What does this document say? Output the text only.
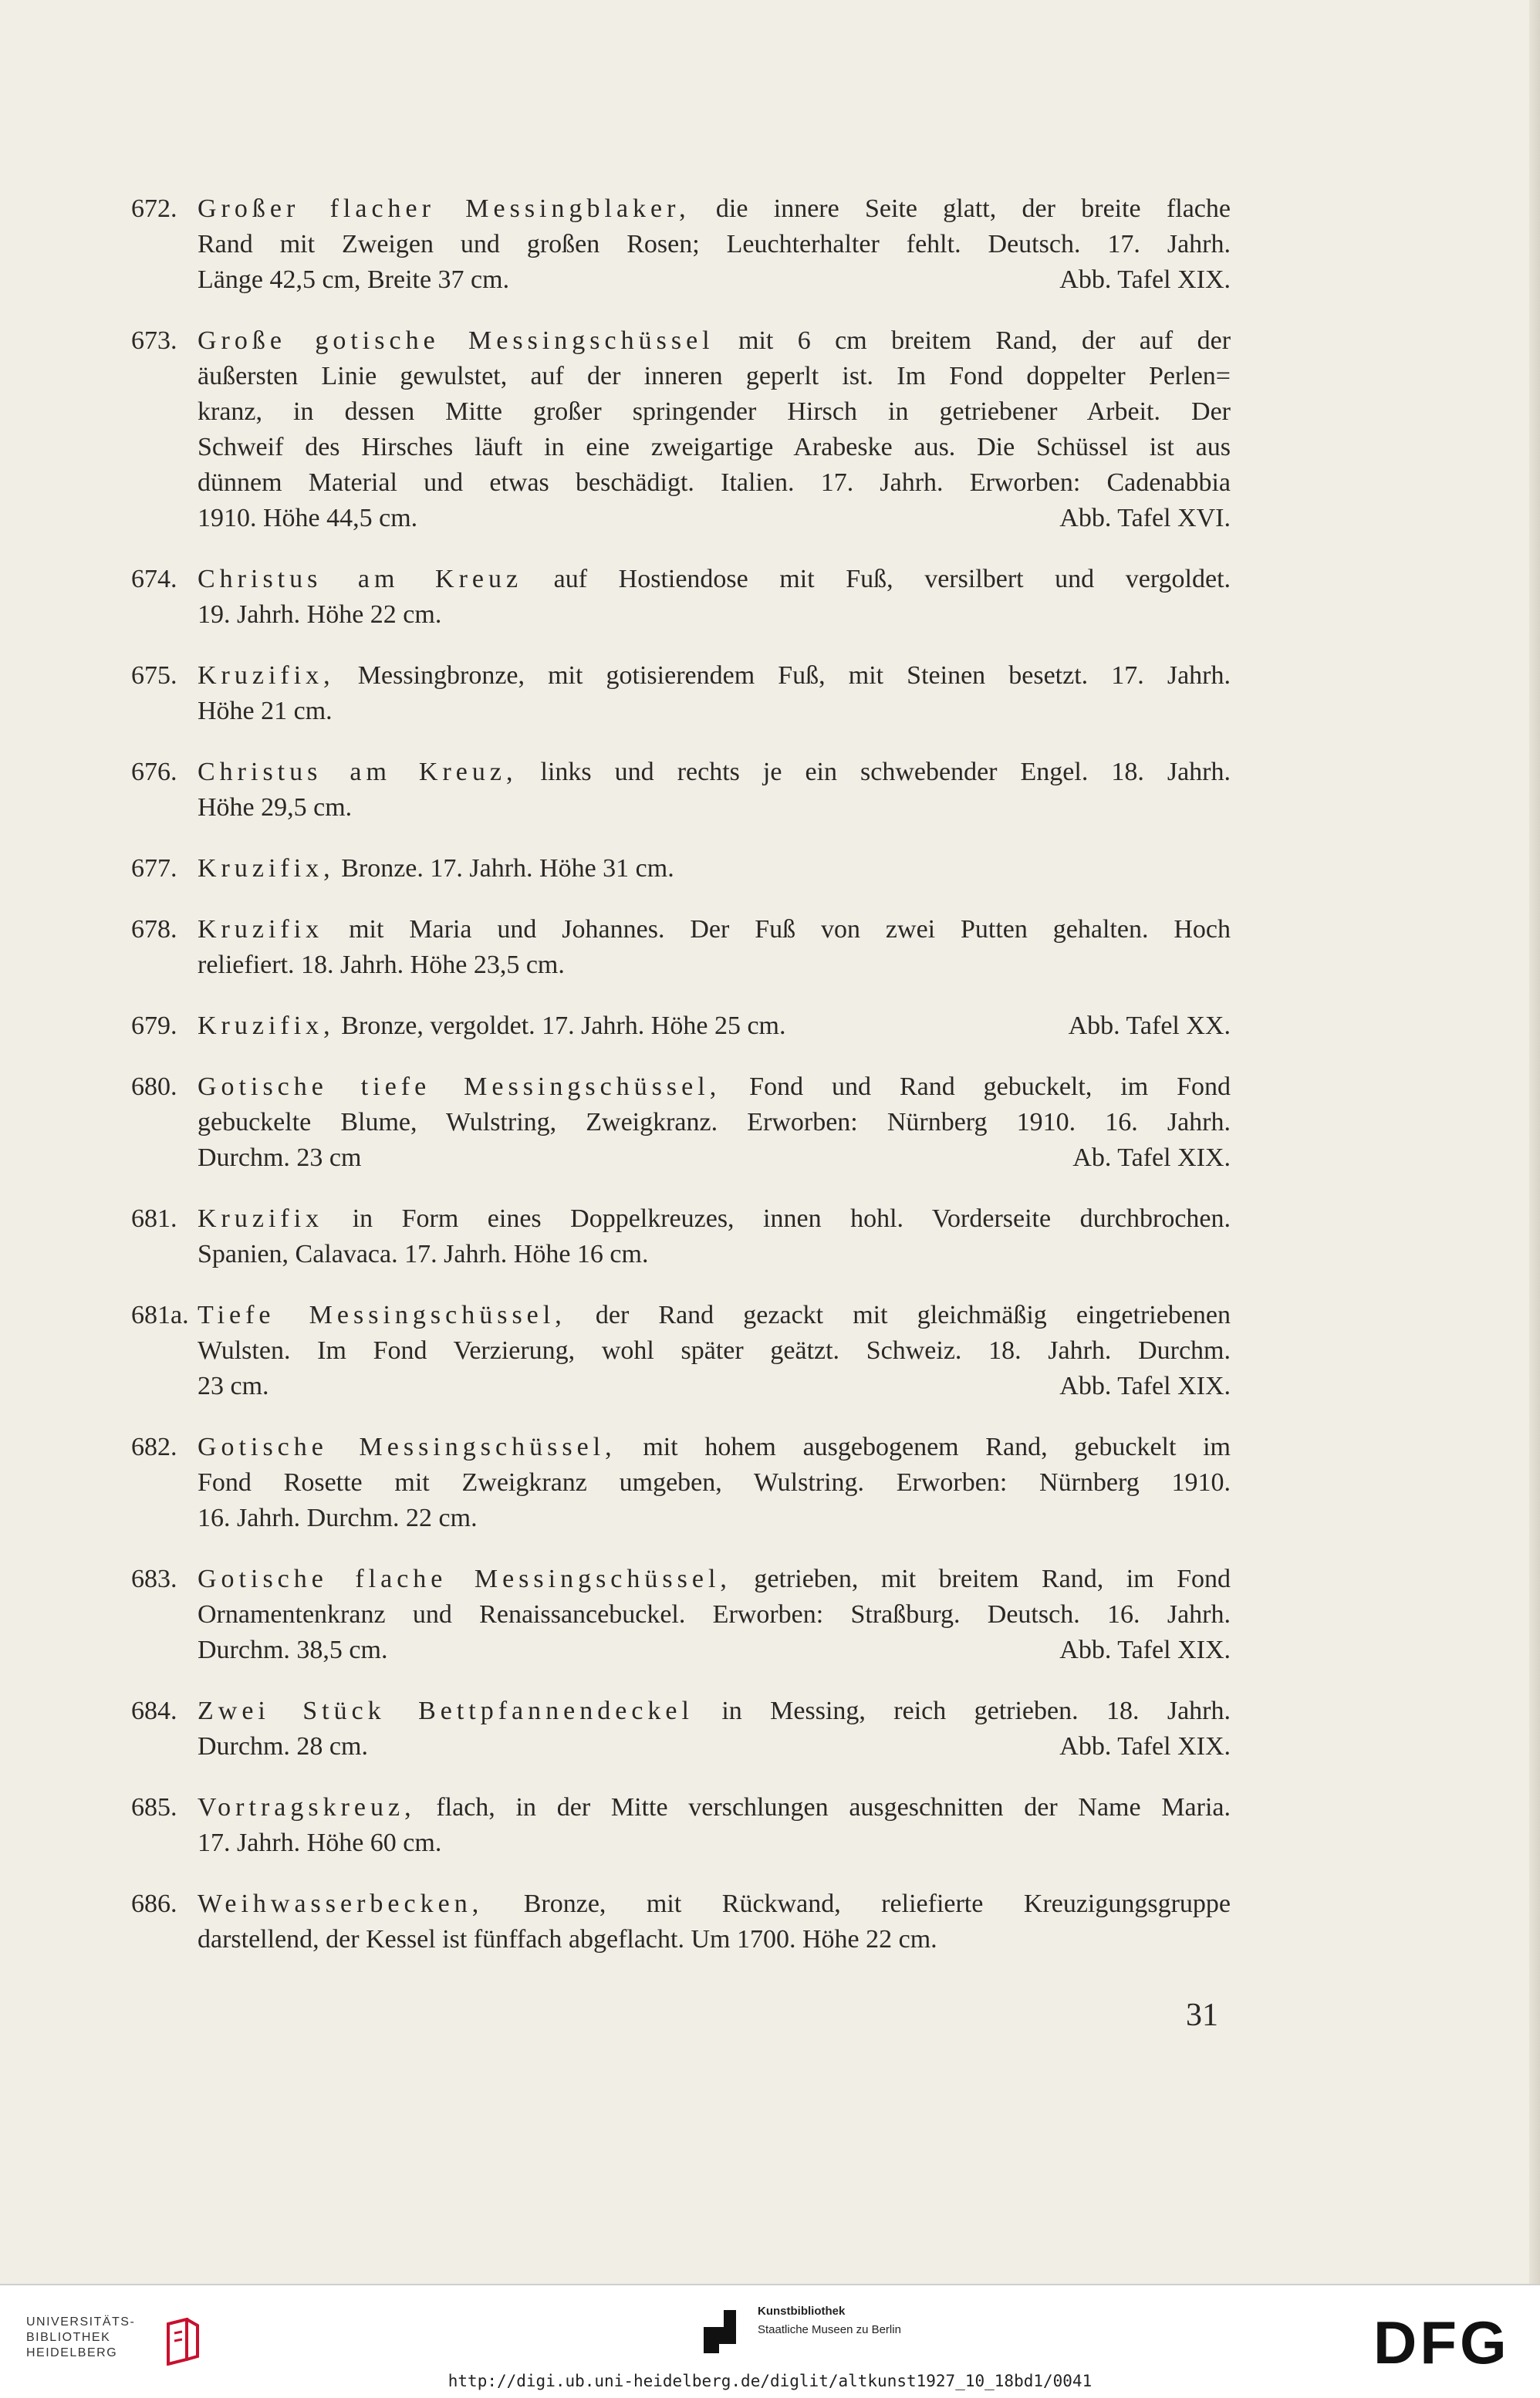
672. Großer flacher Messingblaker, die innere Seite glatt, der breite flache
Rand mit Zweigen und großen Rosen; Leuchterhalter fehlt. Deutsch. 17. Jahrh.
Länge 42,5 cm, Breite 37 cm.	Abb. Tafel XIX.
673. Große gotische Messingschüssel mit 6 cm breitem Rand, der auf der
äußersten Linie gewulstet, auf der inneren geperlt ist. Im Fond doppelter Perlen=
kranz, in dessen Mitte großer springender Hirsch in getriebener Arbeit. Der
Schweif des Hirsches läuft in eine zweigartige Arabeske aus. Die Schüssel ist aus
dünnem Material und etwas beschädigt. Italien. 17. Jahrh. Erworben: Cadenabbia
1910. Höhe 44,5 cm.	Abb. Tafel XVI.
674. Christus am Kreuz auf Hostiendose mit Fuß, versilbert und vergoldet.
19. Jahrh. Höhe 22 cm.
675. Kruzifix, Messingbronze, mit gotisierendem Fuß, mit Steinen besetzt. 17. Jahrh.
Höhe 21 cm.
676. Christus am Kreuz, links und rechts je ein schwebender Engel. 18. Jahrh.
Höhe 29,5 cm.
677. Kruzifix, Bronze. 17. Jahrh. Höhe 31 cm.
678. Kruzifix mit Maria und Johannes. Der Fuß von zwei Putten gehalten. Hoch
reliefiert. 18. Jahrh. Höhe 23,5 cm.
679. Kruzifix, Bronze, vergoldet. 17. Jahrh. Höhe 25 cm.	Abb. Tafel XX.
680. Gotische tiefe Messingschüssel, Fond und Rand gebuckelt, im Fond
gebuckelte Blume, Wulstring, Zweigkranz. Erworben: Nürnberg 1910. 16. Jahrh.
Durchm. 23 cm	Ab. Tafel XIX.
681. Kruzifix in Form eines Doppelkreuzes, innen hohl. Vorderseite durchbrochen.
Spanien, Calavaca. 17. Jahrh. Höhe 16 cm.
681a. Tiefe Messingschüssel, der Rand gezackt mit gleichmäßig eingetriebenen
Wulsten. Im Fond Verzierung, wohl später geätzt. Schweiz. 18. Jahrh. Durchm.
23 cm.	Abb. Tafel XIX.
682. Gotische Messingschüssel, mit hohem ausgebogenem Rand, gebuckelt im
Fond Rosette mit Zweigkranz umgeben, Wulstring. Erworben: Nürnberg 1910.
16. Jahrh. Durchm. 22 cm.
683. Gotische flache Messingschüssel, getrieben, mit breitem Rand, im Fond
Ornamentenkranz und Renaissancebuckel. Erworben: Straßburg. Deutsch. 16. Jahrh.
Durchm. 38,5 cm.	Abb. Tafel XIX.
684. Zwei Stück Bettpfannendeckel in Messing, reich getrieben. 18. Jahrh.
Durchm. 28 cm.	Abb. Tafel XIX.
685. Vortragskreuz, flach, in der Mitte verschlungen ausgeschnitten der Name Maria.
17. Jahrh. Höhe 60 cm.
686. Weihwasserbecken, Bronze, mit Rückwand, reliefierte Kreuzigungsgruppe
darstellend, der Kessel ist fünffach abgeflacht. Um 1700. Höhe 22 cm.
31
UNIVERSITÄTS-
BIBLIOTHEK
HEIDELBERG
Kunstbibliothek
Staatliche Museen zu Berlin	DFG
http://digi.ub.uni-heidelberg.de/diglit/altkunst1927_10_18bd1/0041
